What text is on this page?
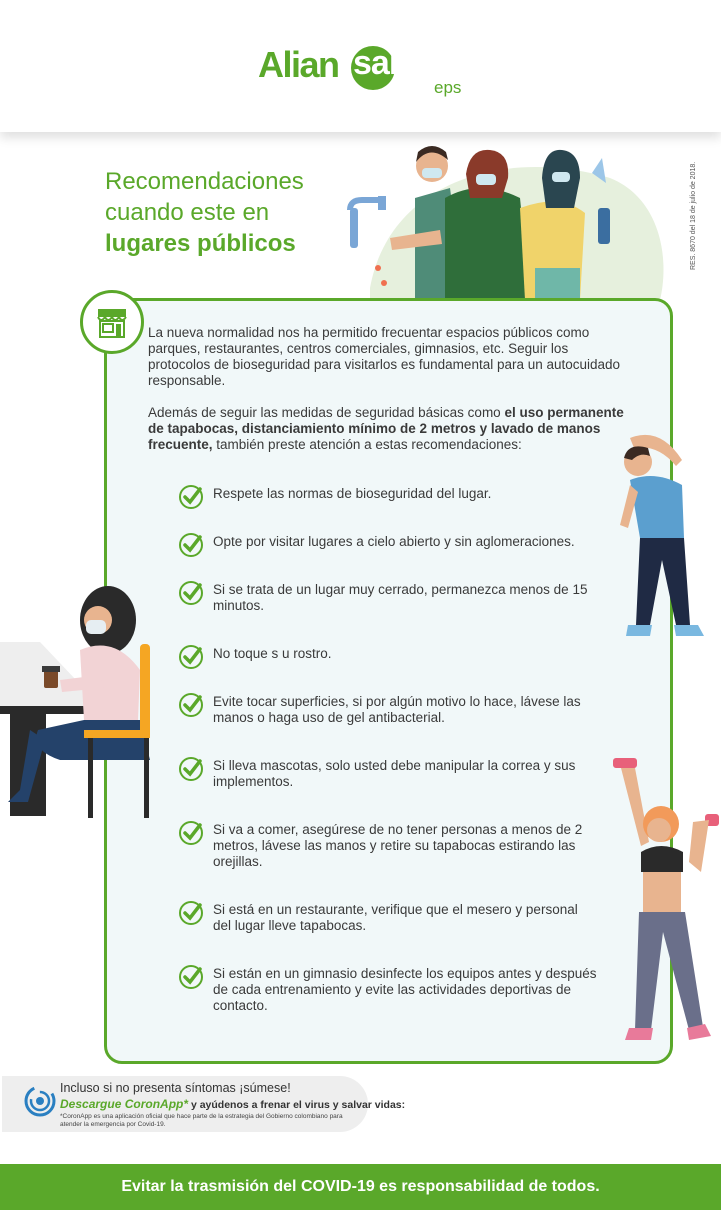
Alian salud
eps
RES. 8670 del 18 de julio de 2018.
Recomendaciones
cuando este en
lugares públicos

La nueva normalidad nos ha permitido frecuentar espacios públicos como parques, restaurantes, centros comerciales, gimnasios, etc. Seguir los protocolos de bioseguridad para visitarlos es fundamental para un autocuidado responsable.

Además de seguir las medidas de seguridad básicas como el uso permanente de tapabocas, distanciamiento mínimo de 2 metros y lavado de manos frecuente, también preste atención a estas recomendaciones:

Respete las normas de bioseguridad del lugar.
Opte por visitar lugares a cielo abierto y sin aglomeraciones.
Si se trata de un lugar muy cerrado, permanezca menos de 15 minutos.
No toque s u rostro.
Evite tocar superficies, si por algún motivo lo hace, lávese las manos o haga uso de gel antibacterial.
Si lleva mascotas, solo usted debe manipular la correa y sus implementos.
Si va a comer, asegúrese de no tener personas a menos de 2 metros, lávese las manos y retire su tapabocas estirando las orejillas.
Si está en un restaurante, verifique que el mesero y personal del lugar lleve tapabocas.
Si están en un gimnasio desinfecte los equipos antes y después de cada entrenamiento y evite las actividades deportivas de contacto.
Incluso si no presenta síntomas ¡súmese!
Descargue CoronApp* y ayúdenos a frenar el virus y salvar vidas:
*CoronApp es una aplicación oficial que hace parte de la estrategia del Gobierno colombiano para atender la emergencia por Covid-19.
Evitar la trasmisión del COVID-19 es responsabilidad de todos.
